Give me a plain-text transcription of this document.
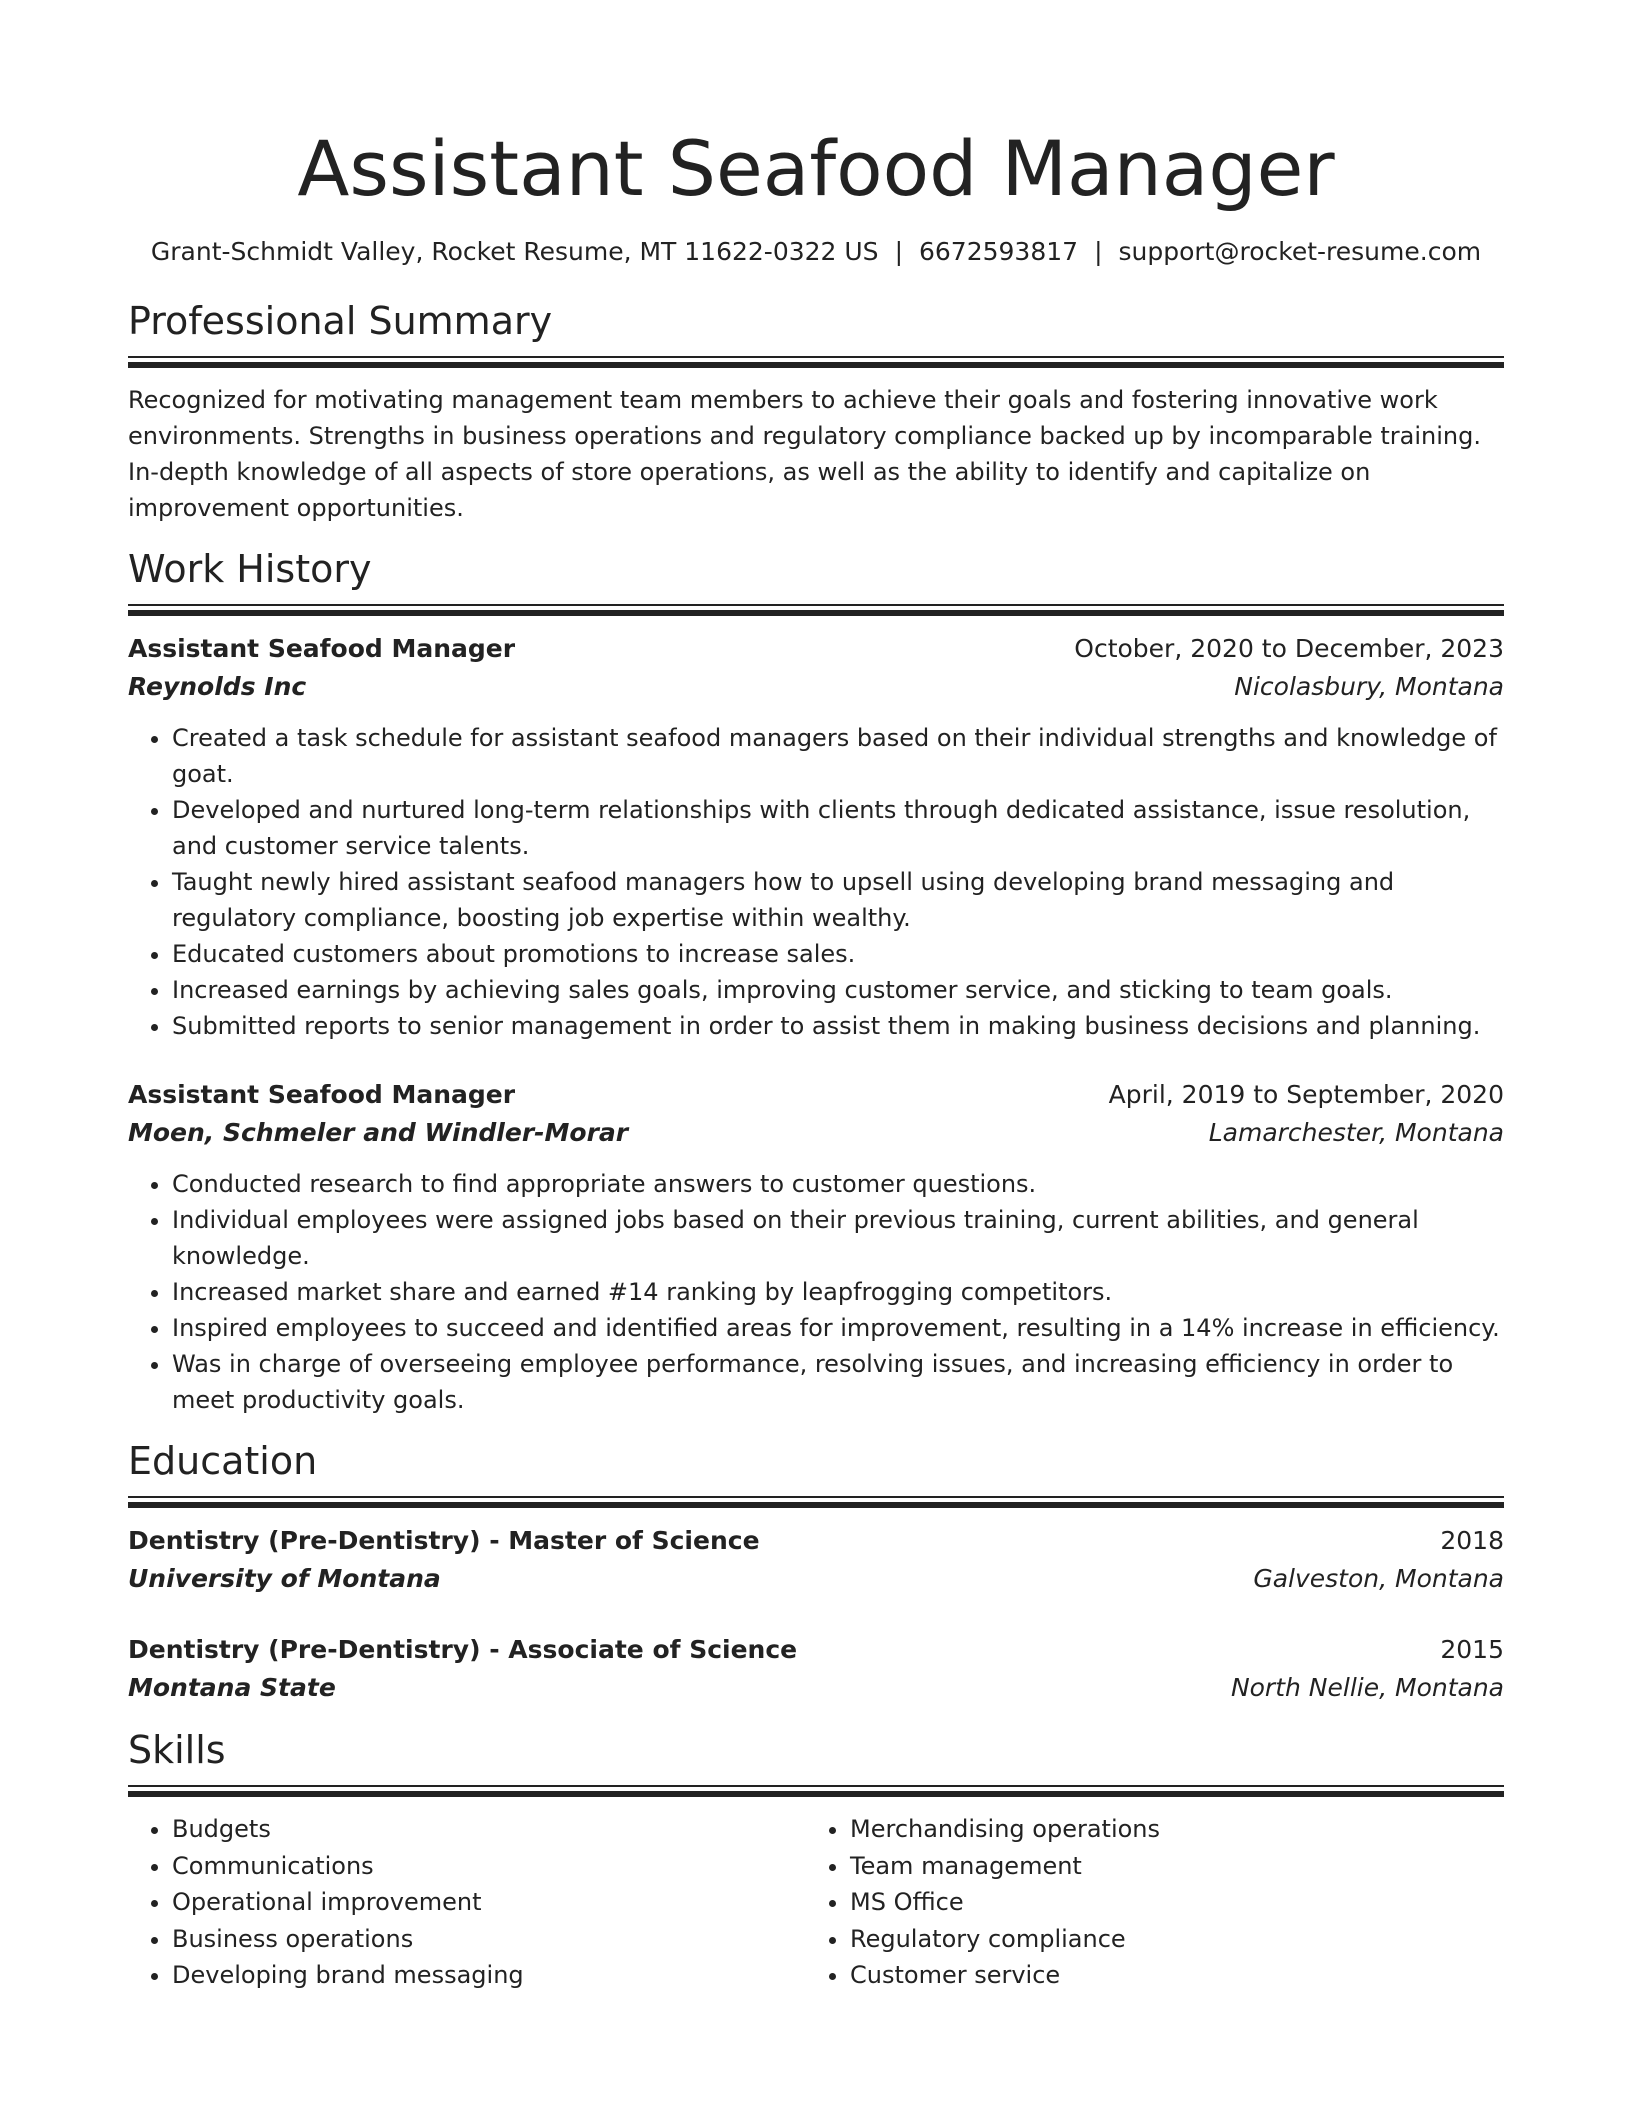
Assistant Seafood Manager
Grant-Schmidt Valley, Rocket Resume, MT 11622-0322 US | 6672593817 | support@rocket-resume.com
Professional Summary
Recognized for motivating management team members to achieve their goals and fostering innovative work environments. Strengths in business operations and regulatory compliance backed up by incomparable training. In-depth knowledge of all aspects of store operations, as well as the ability to identify and capitalize on improvement opportunities.
Work History
Assistant Seafood Manager	October, 2020 to December, 2023
Reynolds Inc	Nicolasbury, Montana
• Created a task schedule for assistant seafood managers based on their individual strengths and knowledge of goat.
• Developed and nurtured long-term relationships with clients through dedicated assistance, issue resolution, and customer service talents.
• Taught newly hired assistant seafood managers how to upsell using developing brand messaging and regulatory compliance, boosting job expertise within wealthy.
• Educated customers about promotions to increase sales.
• Increased earnings by achieving sales goals, improving customer service, and sticking to team goals.
• Submitted reports to senior management in order to assist them in making business decisions and planning.
Assistant Seafood Manager	April, 2019 to September, 2020
Moen, Schmeler and Windler-Morar	Lamarchester, Montana
• Conducted research to find appropriate answers to customer questions.
• Individual employees were assigned jobs based on their previous training, current abilities, and general knowledge.
• Increased market share and earned #14 ranking by leapfrogging competitors.
• Inspired employees to succeed and identified areas for improvement, resulting in a 14% increase in efficiency.
• Was in charge of overseeing employee performance, resolving issues, and increasing efficiency in order to meet productivity goals.
Education
Dentistry (Pre-Dentistry) - Master of Science	2018
University of Montana	Galveston, Montana
Dentistry (Pre-Dentistry) - Associate of Science	2015
Montana State	North Nellie, Montana
Skills
• Budgets
• Communications
• Operational improvement
• Business operations
• Developing brand messaging
• Merchandising operations
• Team management
• MS Office
• Regulatory compliance
• Customer service
